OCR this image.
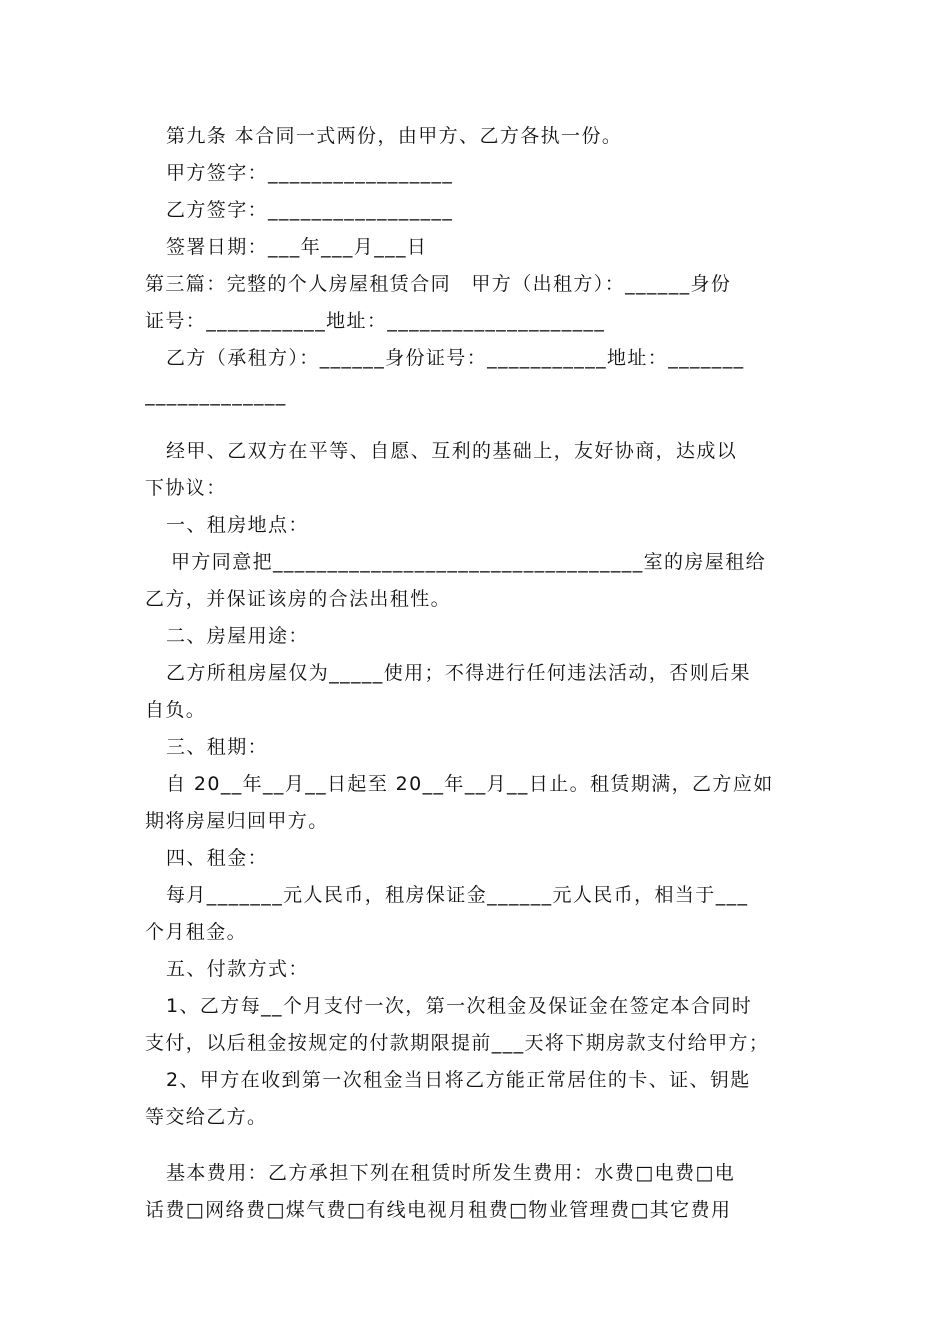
第九条 本合同一式两份，由甲方、乙方各执一份。
甲方签字：_________________
乙方签字：_________________
签署日期：___年___月___日
第三篇：完整的个人房屋租赁合同　甲方（出租方）：______身份
证号：___________地址：____________________
乙方（承租方）：______身份证号：___________地址：_______
_____________
经甲、乙双方在平等、自愿、互利的基础上，友好协商，达成以
下协议：
一、租房地点：
甲方同意把__________________________________室的房屋租给
乙方，并保证该房的合法出租性。
二、房屋用途：
乙方所租房屋仅为_____使用；不得进行任何违法活动，否则后果
自负。
三、租期：
自 20__年__月__日起至 20__年__月__日止。租赁期满，乙方应如
期将房屋归回甲方。
四、租金：
每月_______元人民币，租房保证金______元人民币，相当于___
个月租金。
五、付款方式：
1、乙方每__个月支付一次，第一次租金及保证金在签定本合同时
支付，以后租金按规定的付款期限提前___天将下期房款支付给甲方；
2、甲方在收到第一次租金当日将乙方能正常居住的卡、证、钥匙
等交给乙方。
基本费用：乙方承担下列在租赁时所发生费用：水费□电费□电
话费□网络费□煤气费□有线电视月租费□物业管理费□其它费用
